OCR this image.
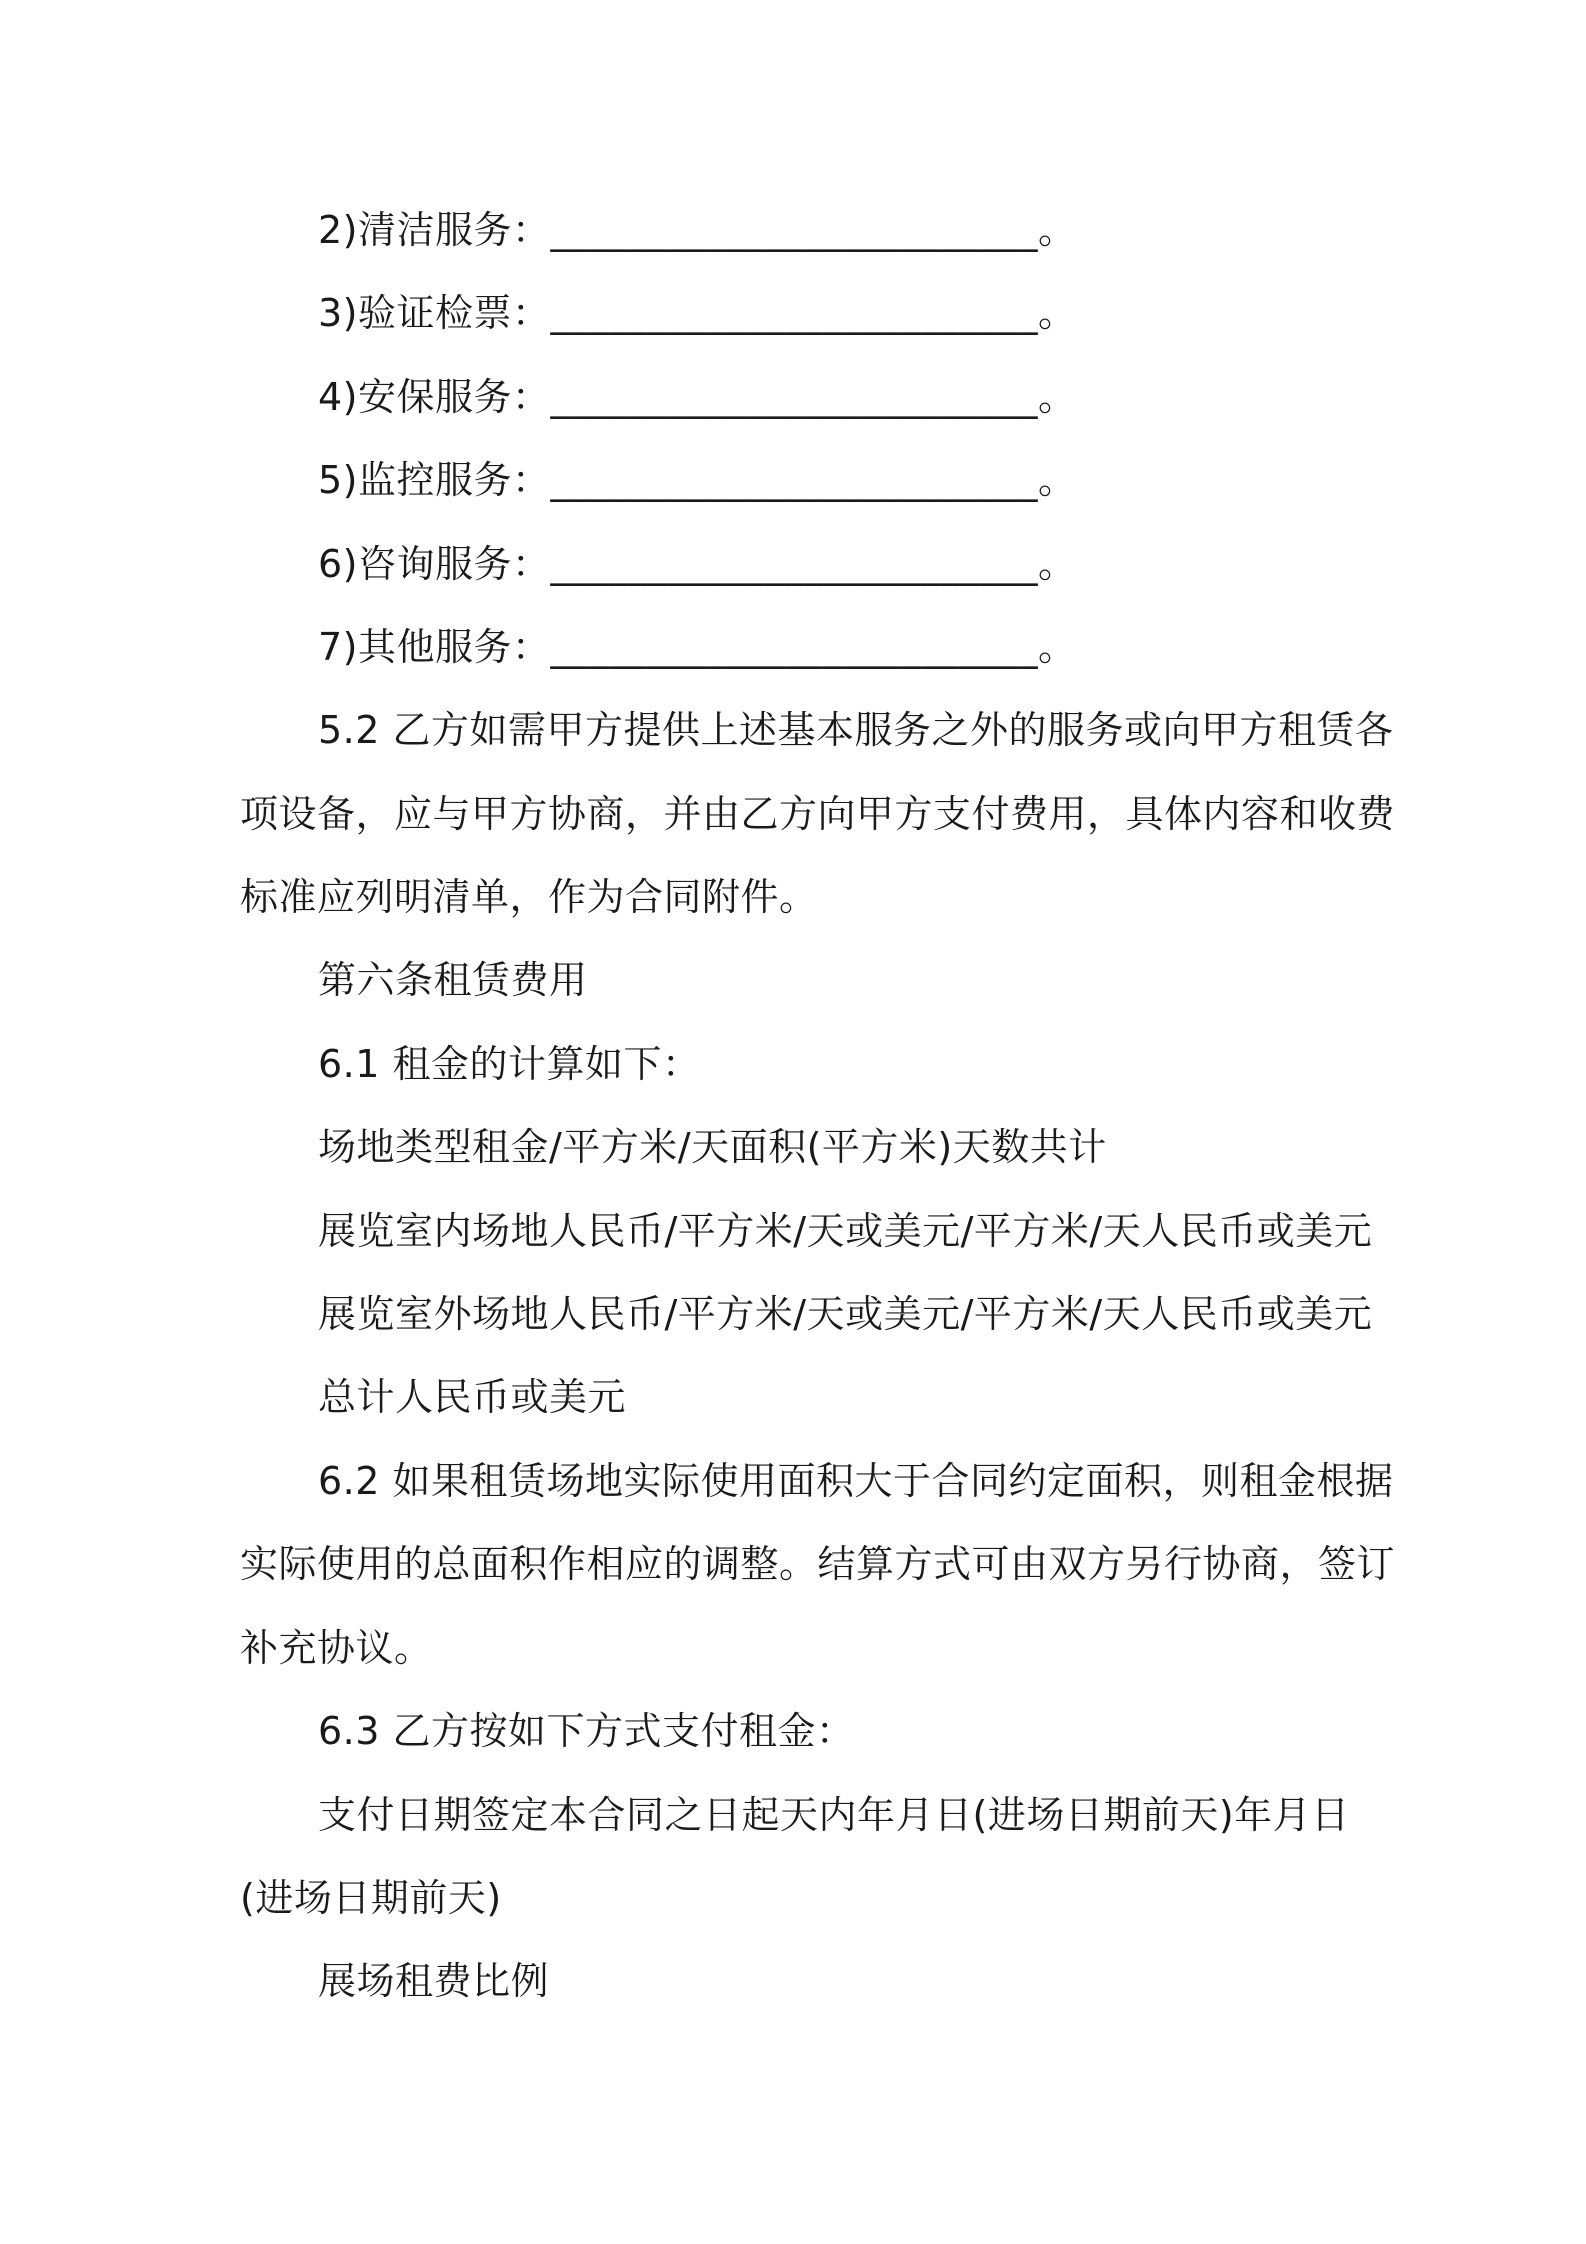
2)清洁服务：_________________________。
3)验证检票：_________________________。
4)安保服务：_________________________。
5)监控服务：_________________________。
6)咨询服务：_________________________。
7)其他服务：_________________________。
5.2 乙方如需甲方提供上述基本服务之外的服务或向甲方租赁各
项设备，应与甲方协商，并由乙方向甲方支付费用，具体内容和收费
标准应列明清单，作为合同附件。
第六条租赁费用
6.1 租金的计算如下：
场地类型租金/平方米/天面积(平方米)天数共计
展览室内场地人民币/平方米/天或美元/平方米/天人民币或美元
展览室外场地人民币/平方米/天或美元/平方米/天人民币或美元
总计人民币或美元
6.2 如果租赁场地实际使用面积大于合同约定面积，则租金根据
实际使用的总面积作相应的调整。结算方式可由双方另行协商，签订
补充协议。
6.3 乙方按如下方式支付租金：
支付日期签定本合同之日起天内年月日(进场日期前天)年月日
(进场日期前天)
展场租费比例
